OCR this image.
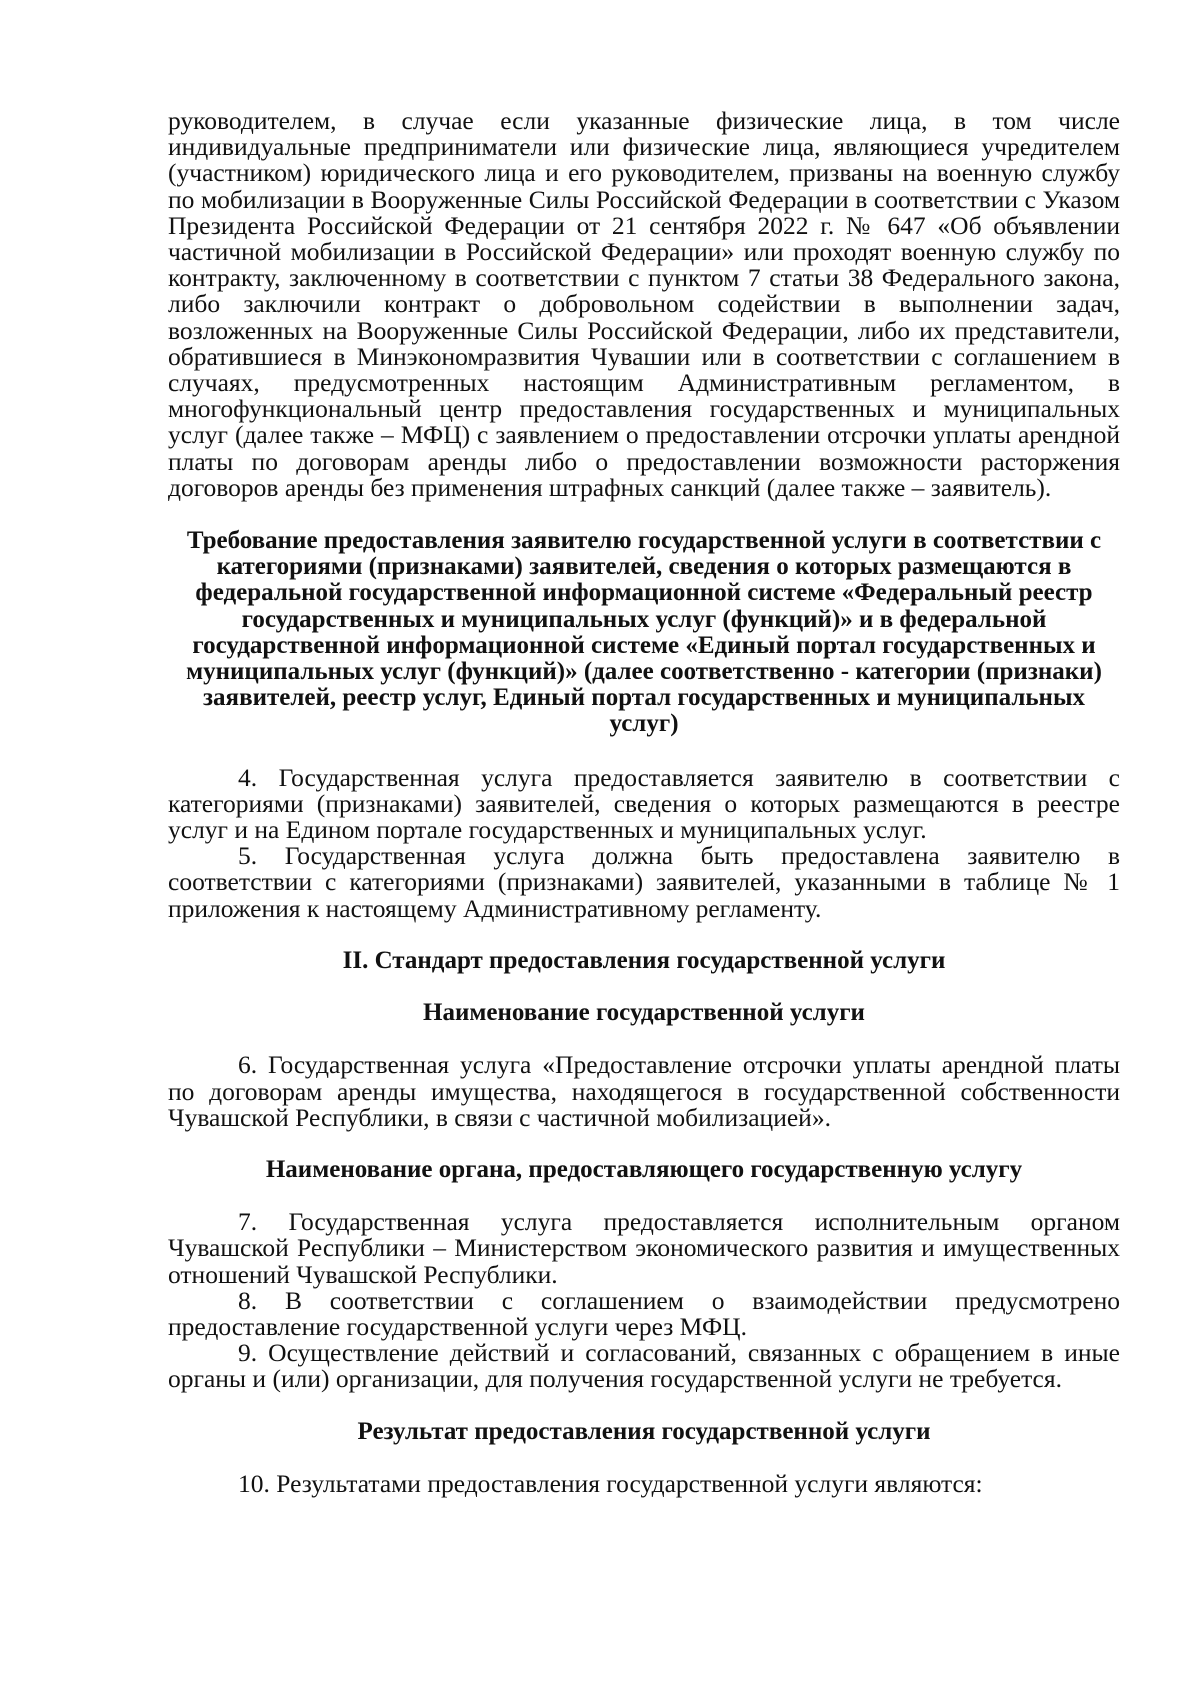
руководителем, в случае если указанные физические лица, в том числе индивидуальные предприниматели или физические лица, являющиеся учредителем (участником) юридического лица и его руководителем, призваны на военную службу по мобилизации в Вооруженные Силы Российской Федерации в соответствии с Указом Президента Российской Федерации от 21 сентября 2022 г. № 647 «Об объявлении частичной мобилизации в Российской Федерации» или проходят военную службу по контракту, заключенному в соответствии с пунктом 7 статьи 38 Федерального закона, либо заключили контракт о добровольном содействии в выполнении задач, возложенных на Вооруженные Силы Российской Федерации, либо их представители, обратившиеся в Минэкономразвития Чувашии или в соответствии с соглашением в случаях, предусмотренных настоящим Административным регламентом, в многофункциональный центр предоставления государственных и муниципальных услуг (далее также – МФЦ) с заявлением о предоставлении отсрочки уплаты арендной платы по договорам аренды либо о предоставлении возможности расторжения договоров аренды без применения штрафных санкций (далее также – заявитель).

Требование предоставления заявителю государственной услуги в соответствии с категориями (признаками) заявителей, сведения о которых размещаются в федеральной государственной информационной системе «Федеральный реестр государственных и муниципальных услуг (функций)» и в федеральной государственной информационной системе «Единый портал государственных и муниципальных услуг (функций)» (далее соответственно - категории (признаки) заявителей, реестр услуг, Единый портал государственных и муниципальных услуг)

4. Государственная услуга предоставляется заявителю в соответствии с категориями (признаками) заявителей, сведения о которых размещаются в реестре услуг и на Едином портале государственных и муниципальных услуг.

5. Государственная услуга должна быть предоставлена заявителю в соответствии с категориями (признаками) заявителей, указанными в таблице № 1 приложения к настоящему Административному регламенту.

II. Стандарт предоставления государственной услуги

Наименование государственной услуги

6. Государственная услуга «Предоставление отсрочки уплаты арендной платы по договорам аренды имущества, находящегося в государственной собственности Чувашской Республики, в связи с частичной мобилизацией».

Наименование органа, предоставляющего государственную услугу

7. Государственная услуга предоставляется исполнительным органом Чувашской Республики – Министерством экономического развития и имущественных отношений Чувашской Республики.

8. В соответствии с соглашением о взаимодействии предусмотрено предоставление государственной услуги через МФЦ.

9. Осуществление действий и согласований, связанных с обращением в иные органы и (или) организации, для получения государственной услуги не требуется.

Результат предоставления государственной услуги

10. Результатами предоставления государственной услуги являются:
